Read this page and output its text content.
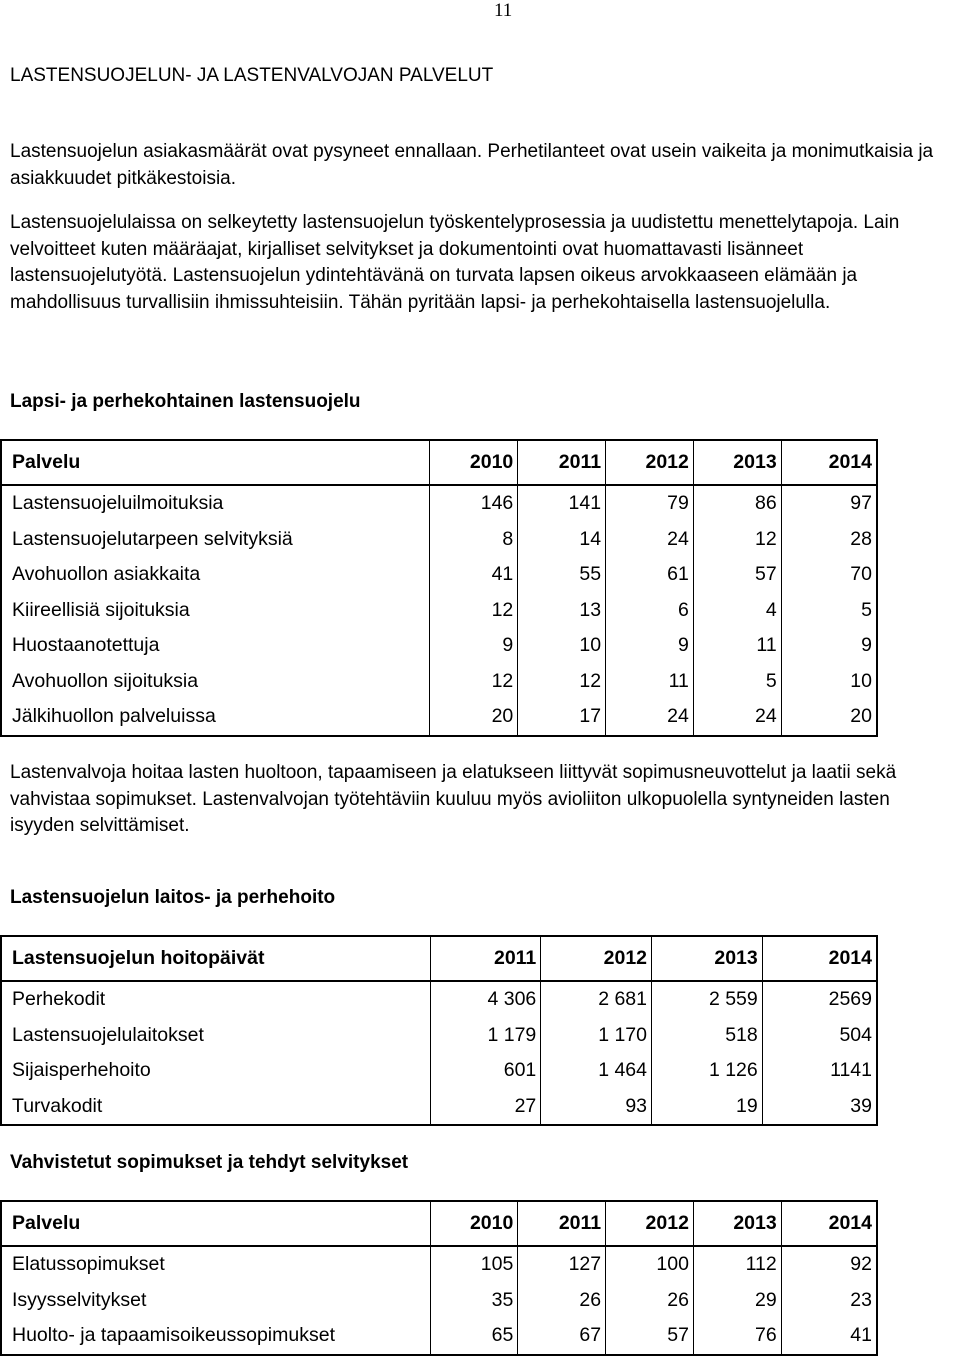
11
LASTENSUOJELUN- JA LASTENVALVOJAN PALVELUT
Lastensuojelun asiakasmäärät ovat pysyneet ennallaan. Perhetilanteet ovat usein vaikeita ja monimutkaisia ja asiakkuudet pitkäkestoisia.
Lastensuojelulaissa on selkeytetty lastensuojelun työskentelyprosessia ja uudistettu menettelytapoja. Lain velvoitteet kuten määräajat, kirjalliset selvitykset ja dokumentointi ovat huomattavasti lisänneet lastensuojelutyötä. Lastensuojelun ydintehtävänä on turvata lapsen oikeus arvokkaaseen elämään ja mahdollisuus turvallisiin ihmissuhteisiin. Tähän pyritään lapsi- ja perhekohtaisella lastensuojelulla.
Lapsi- ja perhekohtainen lastensuojelu
Palvelu	2010	2011	2012	2013	2014
Lastensuojeluilmoituksia	146	141	79	86	97
Lastensuojelutarpeen selvityksiä	8	14	24	12	28
Avohuollon asiakkaita	41	55	61	57	70
Kiireellisiä sijoituksia	12	13	6	4	5
Huostaanotettuja	9	10	9	11	9
Avohuollon sijoituksia	12	12	11	5	10
Jälkihuollon palveluissa	20	17	24	24	20
Lastenvalvoja hoitaa lasten huoltoon, tapaamiseen ja elatukseen liittyvät sopimusneuvottelut ja laatii sekä vahvistaa sopimukset. Lastenvalvojan työtehtäviin kuuluu myös avioliiton ulkopuolella syntyneiden lasten isyyden selvittämiset.
Lastensuojelun laitos- ja perhehoito
Lastensuojelun hoitopäivät	2011	2012	2013	2014
Perhekodit	4 306	2 681	2 559	2569
Lastensuojelulaitokset	1 179	1 170	518	504
Sijaisperhehoito	601	1 464	1 126	1141
Turvakodit	27	93	19	39
Vahvistetut sopimukset ja tehdyt selvitykset
Palvelu	2010	2011	2012	2013	2014
Elatussopimukset	105	127	100	112	92
Isyysselvitykset	35	26	26	29	23
Huolto- ja tapaamisoikeussopimukset	65	67	57	76	41
